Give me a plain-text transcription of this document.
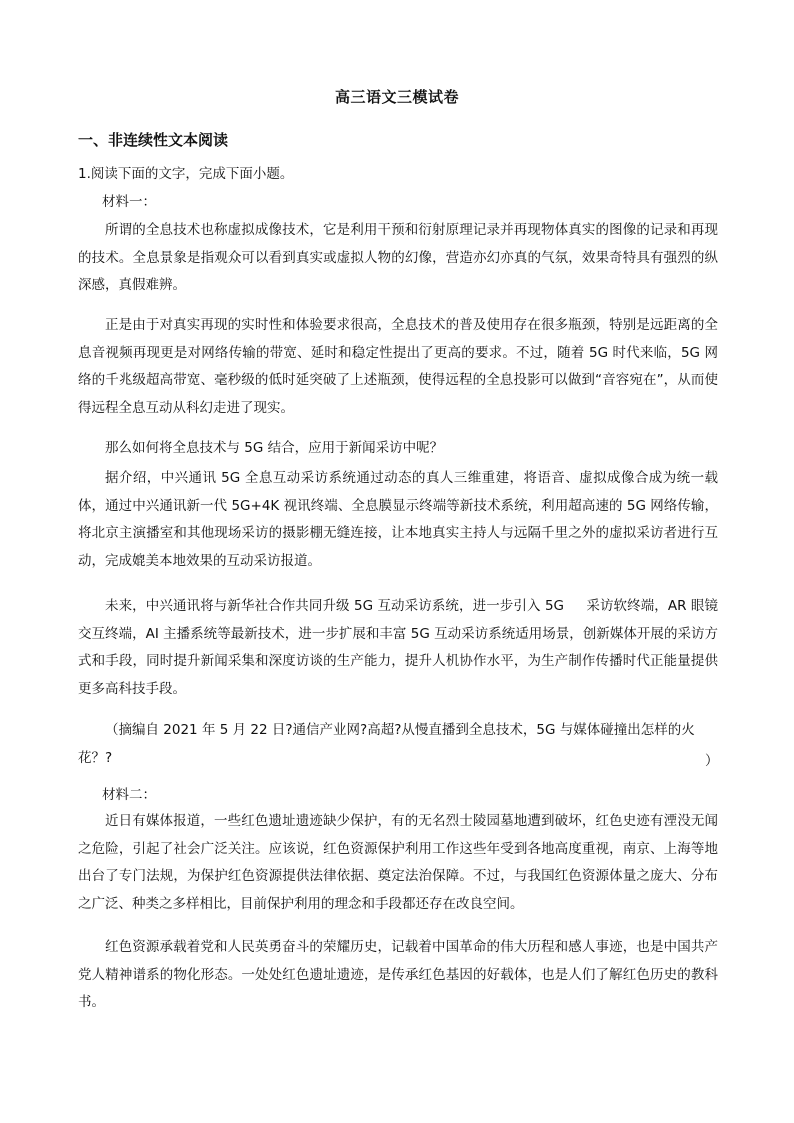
高三语文三模试卷
一、非连续性文本阅读
1.阅读下面的文字，完成下面小题。
材料一：
所谓的全息技术也称虚拟成像技术，它是利用干预和衍射原理记录并再现物体真实的图像的记录和再现的技术。全息景象是指观众可以看到真实或虚拟人物的幻像，营造亦幻亦真的气氛，效果奇特具有强烈的纵深感，真假难辨。
正是由于对真实再现的实时性和体验要求很高，全息技术的普及使用存在很多瓶颈，特别是远距离的全息音视频再现更是对网络传输的带宽、延时和稳定性提出了更高的要求。不过，随着 5G 时代来临，5G 网络的千兆级超高带宽、毫秒级的低时延突破了上述瓶颈，使得远程的全息投影可以做到“音容宛在”，从而使得远程全息互动从科幻走进了现实。
那么如何将全息技术与 5G 结合，应用于新闻采访中呢？
据介绍，中兴通讯 5G 全息互动采访系统通过动态的真人三维重建，将语音、虚拟成像合成为统一载体，通过中兴通讯新一代 5G+4K 视讯终端、全息膜显示终端等新技术系统，利用超高速的 5G 网络传输，将北京主演播室和其他现场采访的摄影棚无缝连接，让本地真实主持人与远隔千里之外的虚拟采访者进行互动，完成媲美本地效果的互动采访报道。
未来，中兴通讯将与新华社合作共同升级 5G 互动采访系统，进一步引入 5G 　 采访软终端，AR 眼镜交互终端，AI 主播系统等最新技术，进一步扩展和丰富 5G 互动采访系统适用场景，创新媒体开展的采访方式和手段，同时提升新闻采集和深度访谈的生产能力，提升人机协作水平，为生产制作传播时代正能量提供更多高科技手段。
（摘编自 2021 年 5 月 22 日?通信产业网?高超?从慢直播到全息技术，5G 与媒体碰撞出怎样的火花？?	）
材料二：
近日有媒体报道，一些红色遗址遗迹缺少保护，有的无名烈士陵园墓地遭到破坏，红色史迹有湮没无闻之危险，引起了社会广泛关注。应该说，红色资源保护利用工作这些年受到各地高度重视，南京、上海等地出台了专门法规，为保护红色资源提供法律依据、奠定法治保障。不过，与我国红色资源体量之庞大、分布之广泛、种类之多样相比，目前保护利用的理念和手段都还存在改良空间。
红色资源承载着党和人民英勇奋斗的荣耀历史，记载着中国革命的伟大历程和感人事迹，也是中国共产党人精神谱系的物化形态。一处处红色遗址遗迹，是传承红色基因的好载体，也是人们了解红色历史的教科书。
